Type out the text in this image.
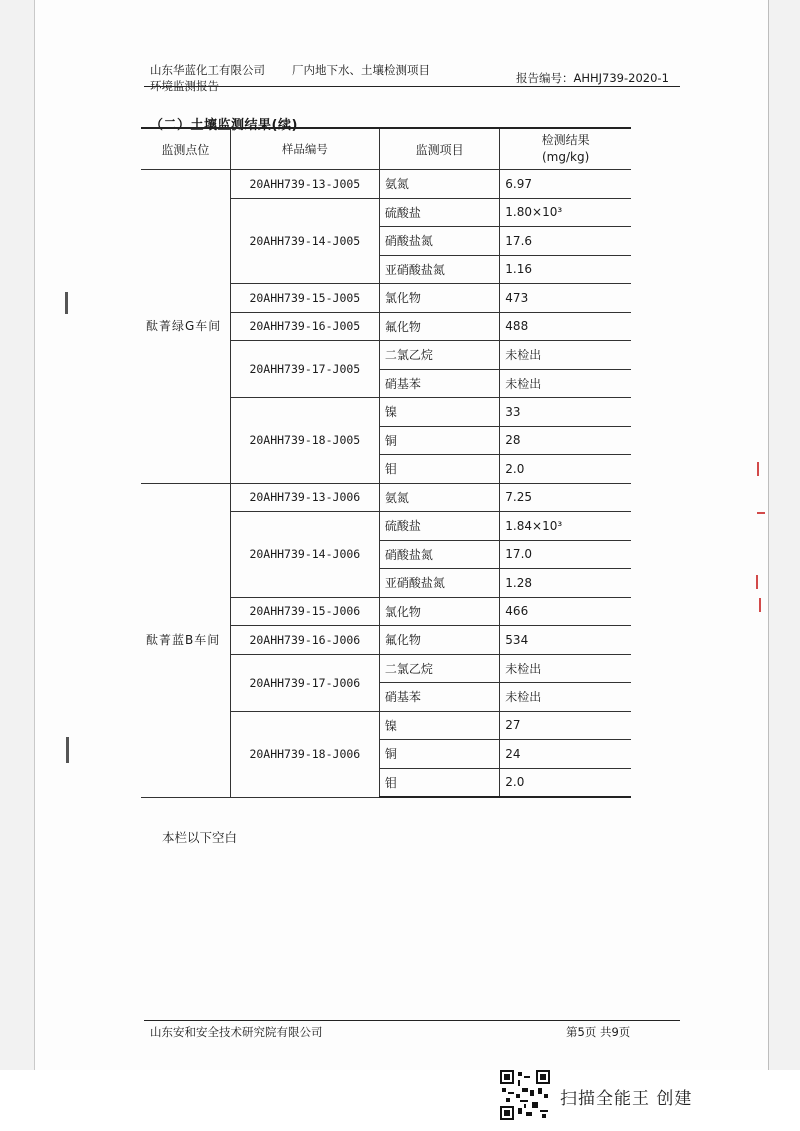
山东华蓝化工有限公司 厂内地下水、土壤检测项目
环境监测报告
报告编号：AHHJ739-2020-1
（二）土壤监测结果(续)
监测点位	样品编号	监测项目	检测结果
(mg/kg)

酞菁绿G车间	20AHH739-13-J005	氨氮	6.97
	20AHH739-14-J005	硫酸盐	1.80×10³
		硝酸盐氮	17.6
		亚硝酸盐氮	1.16
	20AHH739-15-J005	氯化物	473
	20AHH739-16-J005	氟化物	488
	20AHH739-17-J005	二氯乙烷	未检出
		硝基苯	未检出
	20AHH739-18-J005	镍	33
		铜	28
		钼	2.0

酞菁蓝B车间	20AHH739-13-J006	氨氮	7.25
	20AHH739-14-J006	硫酸盐	1.84×10³
		硝酸盐氮	17.0
		亚硝酸盐氮	1.28
	20AHH739-15-J006	氯化物	466
	20AHH739-16-J006	氟化物	534
	20AHH739-17-J006	二氯乙烷	未检出
		硝基苯	未检出
	20AHH739-18-J006	镍	27
		铜	24
		钼	2.0
本栏以下空白
山东安和安全技术研究院有限公司	第5页 共9页
扫描全能王 创建
